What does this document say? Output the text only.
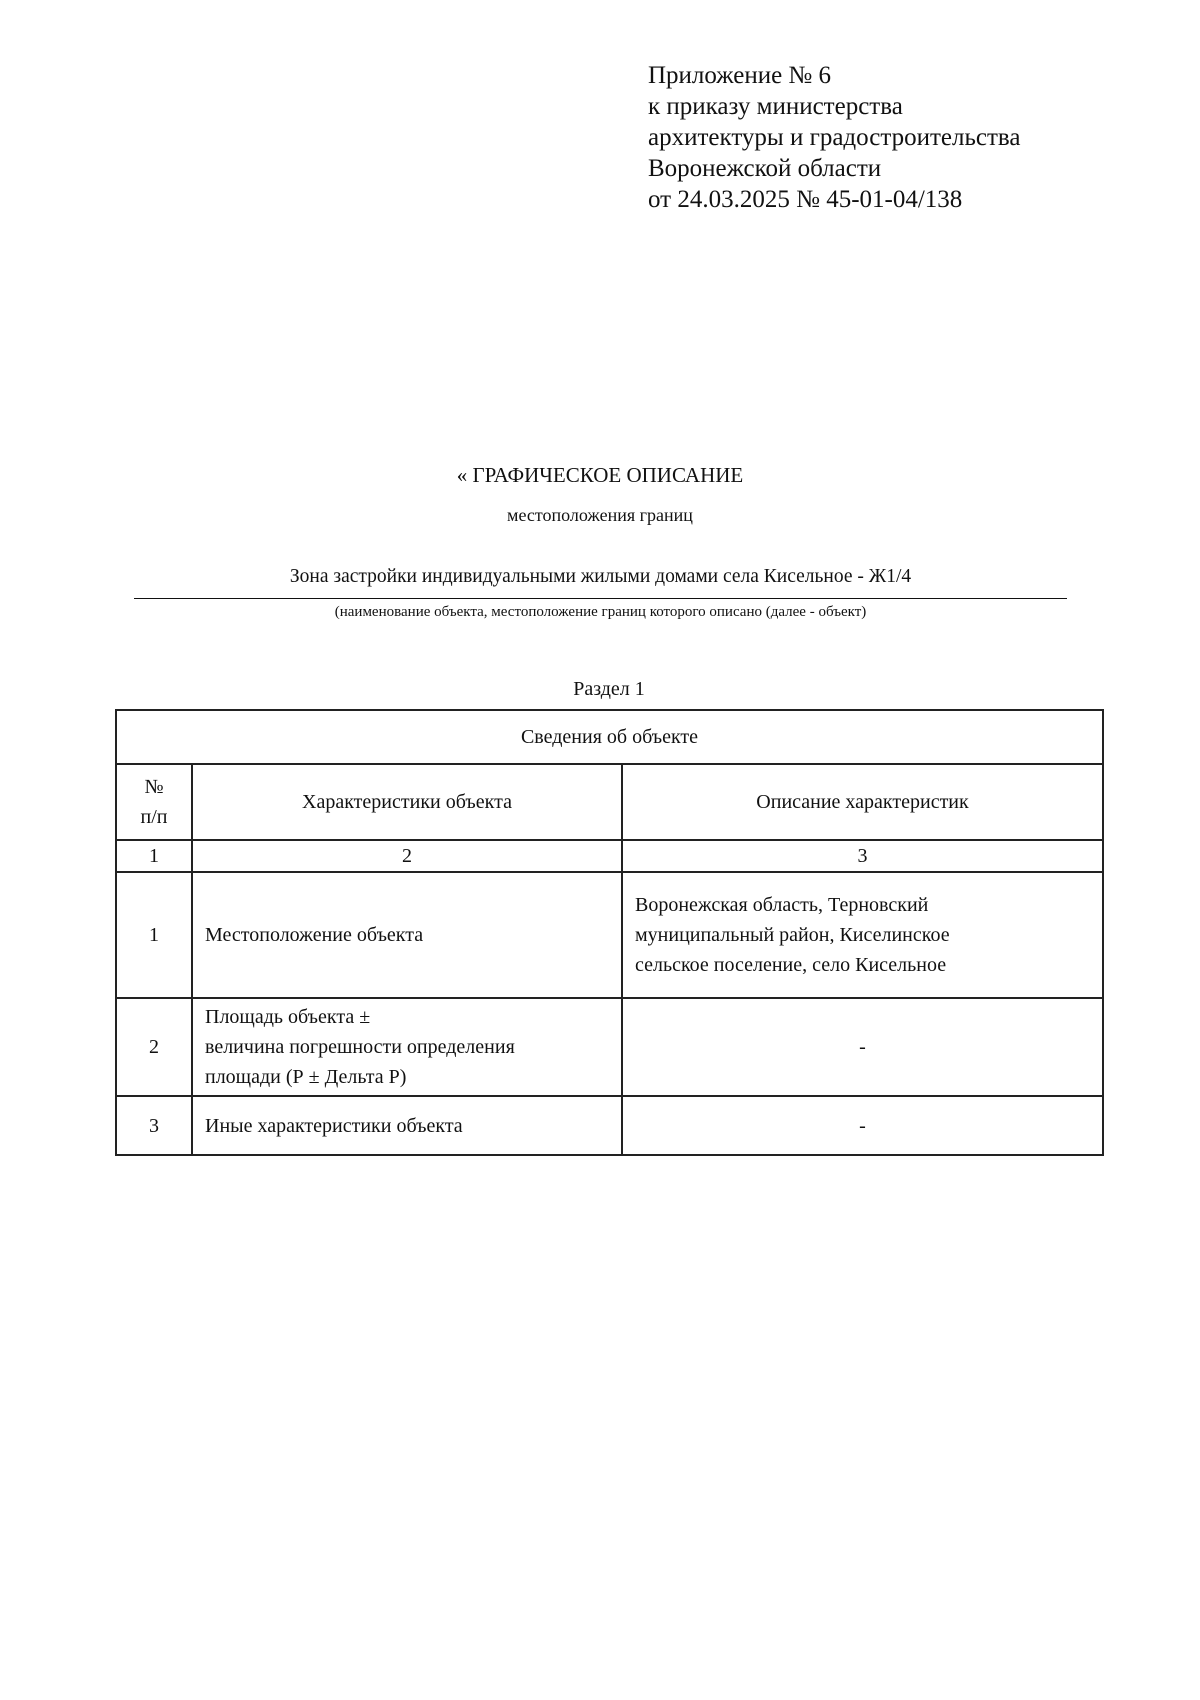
Приложение № 6
к приказу министерства
архитектуры и градостроительства
Воронежской области
от 24.03.2025 № 45-01-04/138
« ГРАФИЧЕСКОЕ ОПИСАНИЕ
местоположения границ
Зона застройки индивидуальными жилыми домами села Кисельное - Ж1/4
(наименование объекта, местоположение границ которого описано (далее - объект)
Раздел 1
Сведения об объекте		

№
п/п	Характеристики объекта	Описание характеристик
1	2	3
1	Местоположение объекта	Воронежская область, Терновский
муниципальный район, Киселинское
сельское поселение, село Кисельное

2	Площадь объекта ±
величина погрешности определения
площади (Р ± Дельта Р)	-

3	Иные характеристики объекта	-
